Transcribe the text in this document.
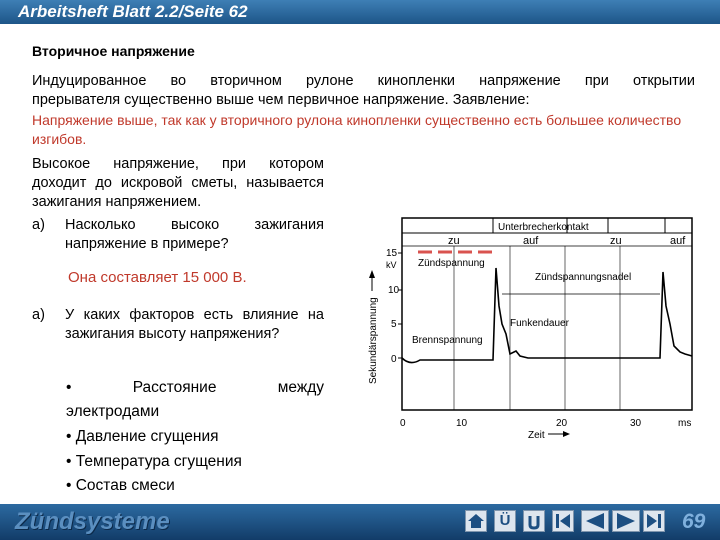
Arbeitsheft Blatt 2.2/Seite 62
Вторичное напряжение
Индуцированное во вторичном рулоне кинопленки напряжение при открытии
прерывателя существенно выше чем первичное напряжение. Заявление:
Напряжение выше, так как у вторичного рулона кинопленки существенно есть большее количество изгибов.
Высокое напряжение, при котором доходит до искровой сметы, называется зажигания напряжением.
a) Насколько высоко зажигания напряжение в примере?
Она составляет 15 000 В.
a) У каких факторов есть влияние на зажигания высоту напряжения?
• Расстояние между
электродами
• Давление сгущения
• Температура сгущения
• Состав смеси
Unterbrecherkontakt
zu	auf	zu	auf
15
kV
10
5
0
Sekundärspannung
0	10	20	30	ms
Zeit
Zündspannung
Zündspannungsnadel
Funkendauer
Brennspannung
Zündsysteme	Ü	69
